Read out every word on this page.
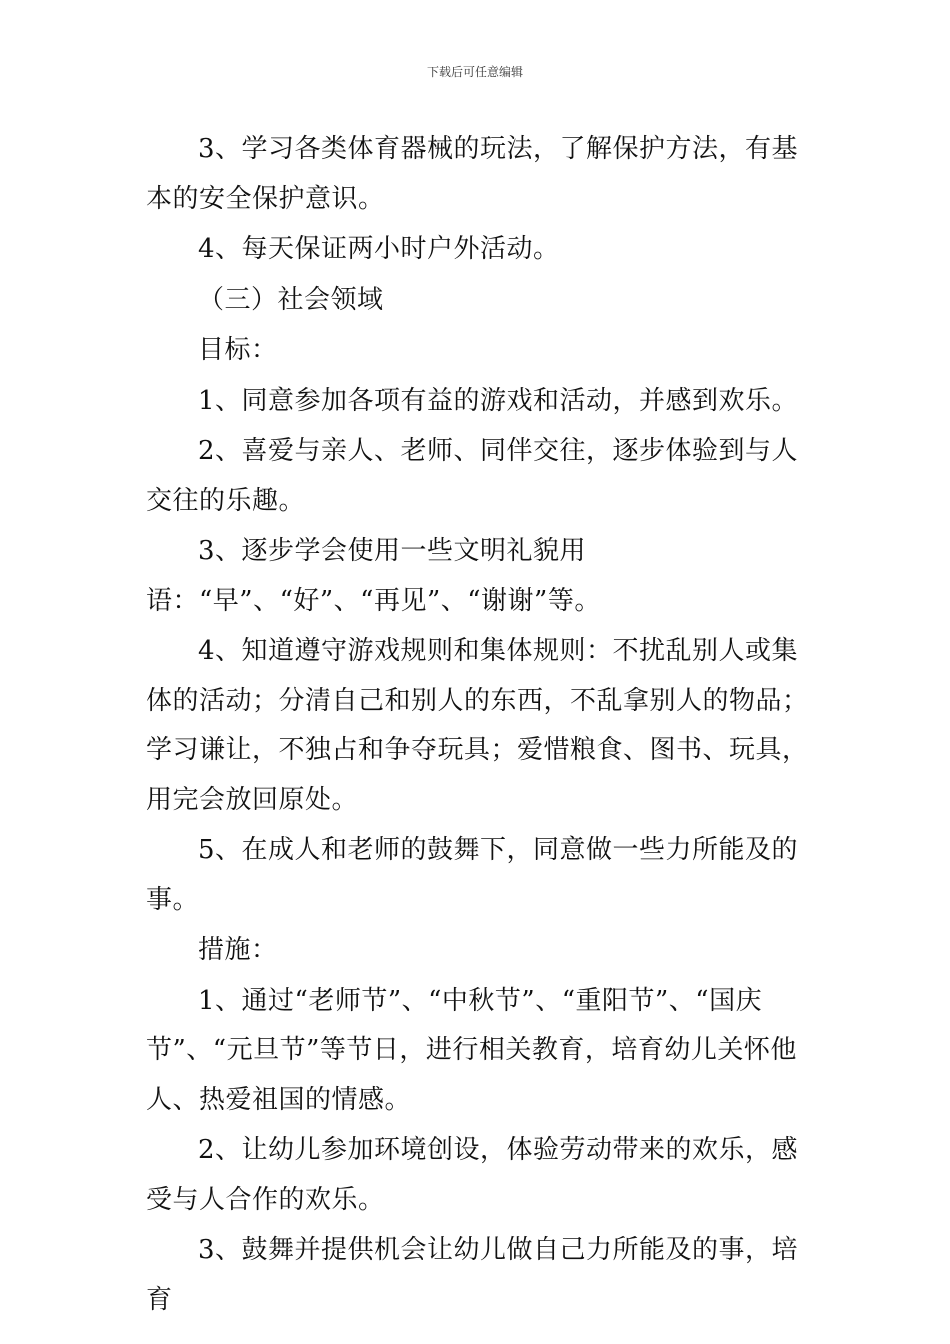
下载后可任意编辑

3、学习各类体育器械的玩法，了解保护方法，有基本的安全保护意识。

4、每天保证两小时户外活动。

（三）社会领域

目标：

1、同意参加各项有益的游戏和活动，并感到欢乐。

2、喜爱与亲人、老师、同伴交往，逐步体验到与人交往的乐趣。

3、逐步学会使用一些文明礼貌用语：“早”、“好”、“再见”、“谢谢”等。

4、知道遵守游戏规则和集体规则：不扰乱别人或集体的活动；分清自己和别人的东西，不乱拿别人的物品；学习谦让，不独占和争夺玩具；爱惜粮食、图书、玩具，用完会放回原处。

5、在成人和老师的鼓舞下，同意做一些力所能及的事。

措施：

1、通过“老师节”、“中秋节”、“重阳节”、“国庆节”、“元旦节”等节日，进行相关教育，培育幼儿关怀他人、热爱祖国的情感。

2、让幼儿参加环境创设，体验劳动带来的欢乐，感受与人合作的欢乐。

3、鼓舞并提供机会让幼儿做自己力所能及的事，培育
